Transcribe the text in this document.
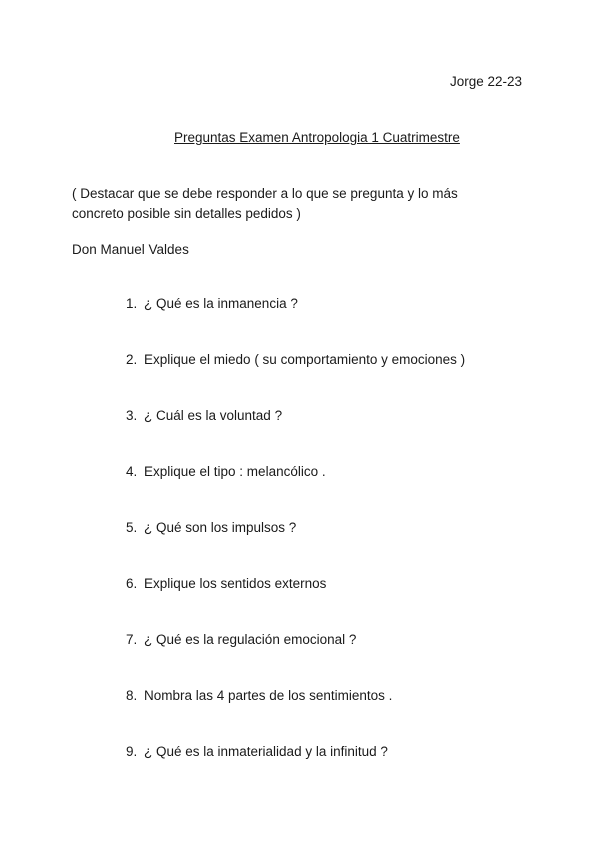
Jorge 22-23
Preguntas Examen Antropologia 1 Cuatrimestre
( Destacar que se debe responder a lo que se pregunta y lo más
concreto posible sin detalles pedidos )
Don Manuel Valdes
1. ¿ Qué es la inmanencia ?
2. Explique el miedo ( su comportamiento y emociones )
3. ¿ Cuál es la voluntad ?
4. Explique el tipo : melancólico .
5. ¿ Qué son los impulsos ?
6. Explique los sentidos externos
7. ¿ Qué es la regulación emocional ?
8. Nombra las 4 partes de los sentimientos .
9. ¿ Qué es la inmaterialidad y la infinitud ?
